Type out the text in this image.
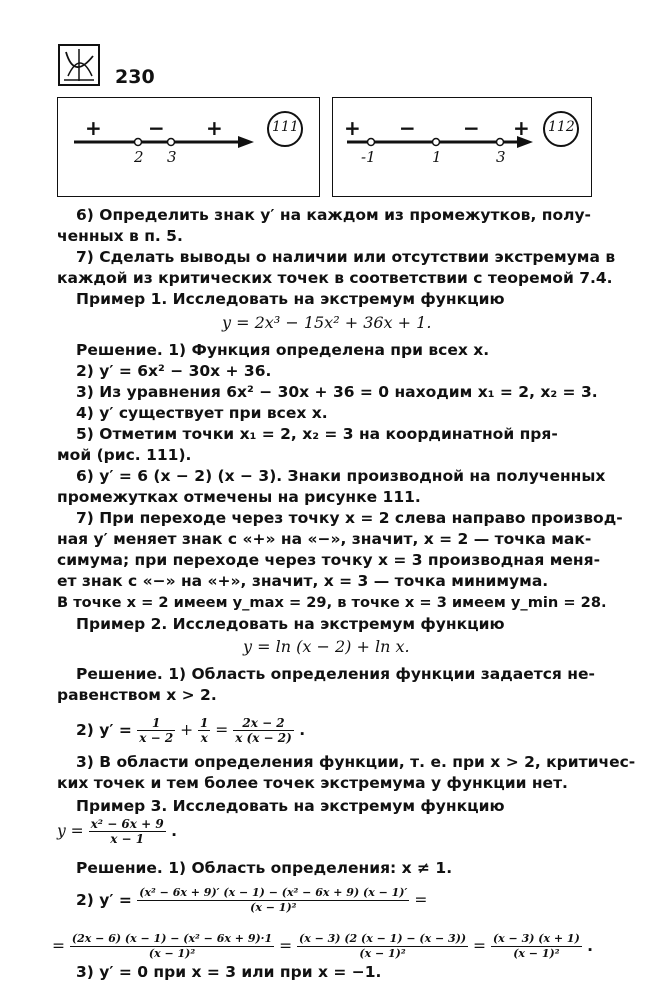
230
+ − +
2 3
111 + − − +
-1	1	3
112
6) Определить знак y′ на каждом из промежутков, полу-
ченных в п. 5.
7) Сделать выводы о наличии или отсутствии экстремума в
каждой из критических точек в соответствии с теоремой 7.4.
Пример 1. Исследовать на экстремум функцию
y = 2x³ − 15x² + 36x + 1.
Решение. 1) Функция определена при всех x.
2) y′ = 6x² − 30x + 36.
3) Из уравнения 6x² − 30x + 36 = 0 находим x₁ = 2, x₂ = 3.
4) y′ существует при всех x.
5) Отметим точки x₁ = 2, x₂ = 3 на координатной пря-
мой (рис. 111).
6) y′ = 6 (x − 2) (x − 3). Знаки производной на полученных
промежутках отмечены на рисунке 111.
7) При переходе через точку x = 2 слева направо производ-
ная y′ меняет знак с «+» на «−», значит, x = 2 — точка мак-
симума; при переходе через точку x = 3 производная меня-
ет знак с «−» на «+», значит, x = 3 — точка минимума.
В точке x = 2 имеем y_max = 29, в точке x = 3 имеем y_min = 28.
Пример 2. Исследовать на экстремум функцию
y = ln (x − 2) + ln x.
Решение. 1) Область определения функции задается не-
равенством x > 2.
2) $y' = \frac{1}{x - 2} + \frac{1}{x} = \frac{2x - 2}{x (x - 2)}$ .
3) В области определения функции, т. е. при x > 2, критичес-
ких точек и тем более точек экстремума у функции нет.
Пример 3. Исследовать на экстремум функцию
$y = \frac{\text{x² − 6x + 9}}{x - 1}$ .
Решение. 1) Область определения: x ≠ 1.
2) $y' = \frac{\text{(x² − 6x + 9)′ (x − 1) − (x² − 6x + 9) (x − 1)′}}{\text{(x − 1)²}}$ =
= $\frac{\text{(2x − 6) (x − 1) − (x² − 6x + 9)·1}}{\text{(x − 1)²}} = \frac{(x - 3) (2 (x - 1) - (x - 3))}{\text{(x − 1)²}} = \frac{(x - 3) (x + 1)}{\text{(x − 1)²}}$ .
3) y′ = 0 при x = 3 или при x = −1.
